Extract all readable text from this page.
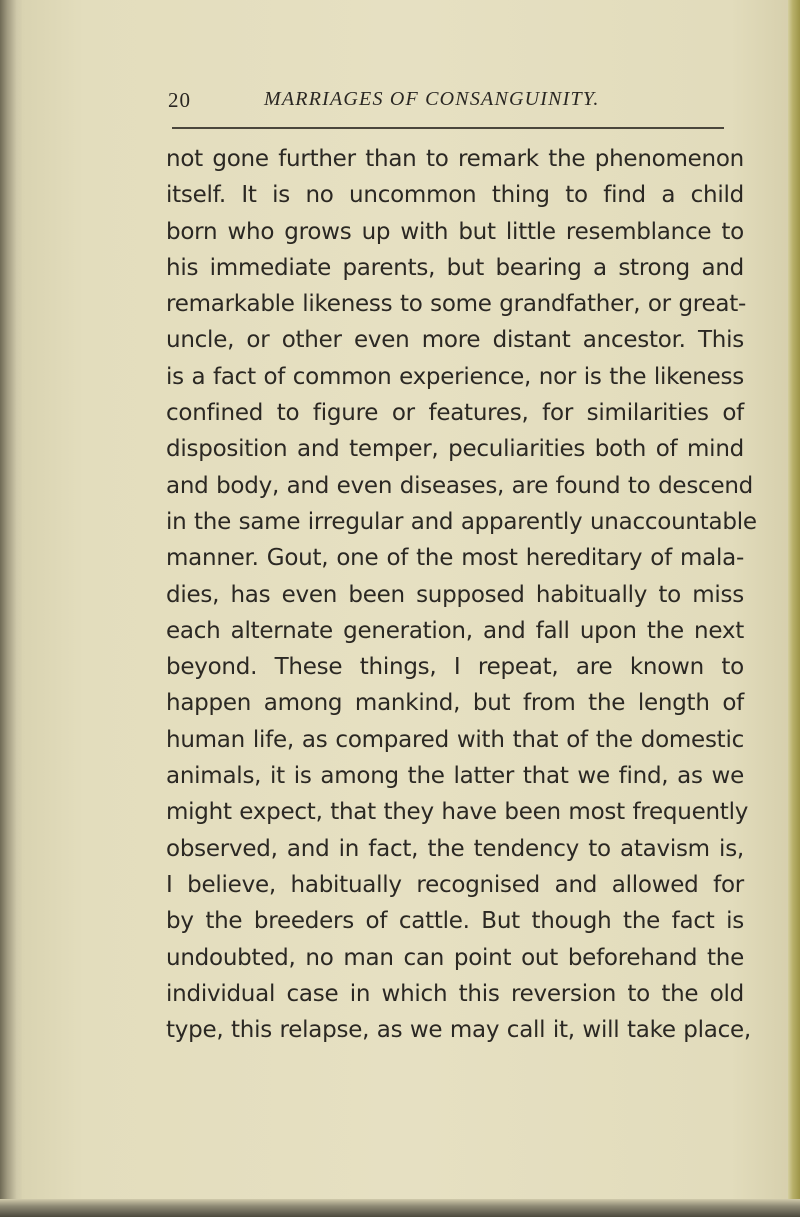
20	MARRIAGES OF CONSANGUINITY.
not gone further than to remark the phenomenon
itself. It is no uncommon thing to find a child
born who grows up with but little resemblance to
his immediate parents, but bearing a strong and
remarkable likeness to some grandfather, or great-
uncle, or other even more distant ancestor. This
is a fact of common experience, nor is the likeness
confined to figure or features, for similarities of
disposition and temper, peculiarities both of mind
and body, and even diseases, are found to descend
in the same irregular and apparently unaccountable
manner. Gout, one of the most hereditary of mala-
dies, has even been supposed habitually to miss
each alternate generation, and fall upon the next
beyond. These things, I repeat, are known to
happen among mankind, but from the length of
human life, as compared with that of the domestic
animals, it is among the latter that we find, as we
might expect, that they have been most frequently
observed, and in fact, the tendency to atavism is,
I believe, habitually recognised and allowed for
by the breeders of cattle. But though the fact is
undoubted, no man can point out beforehand the
individual case in which this reversion to the old
type, this relapse, as we may call it, will take place,
